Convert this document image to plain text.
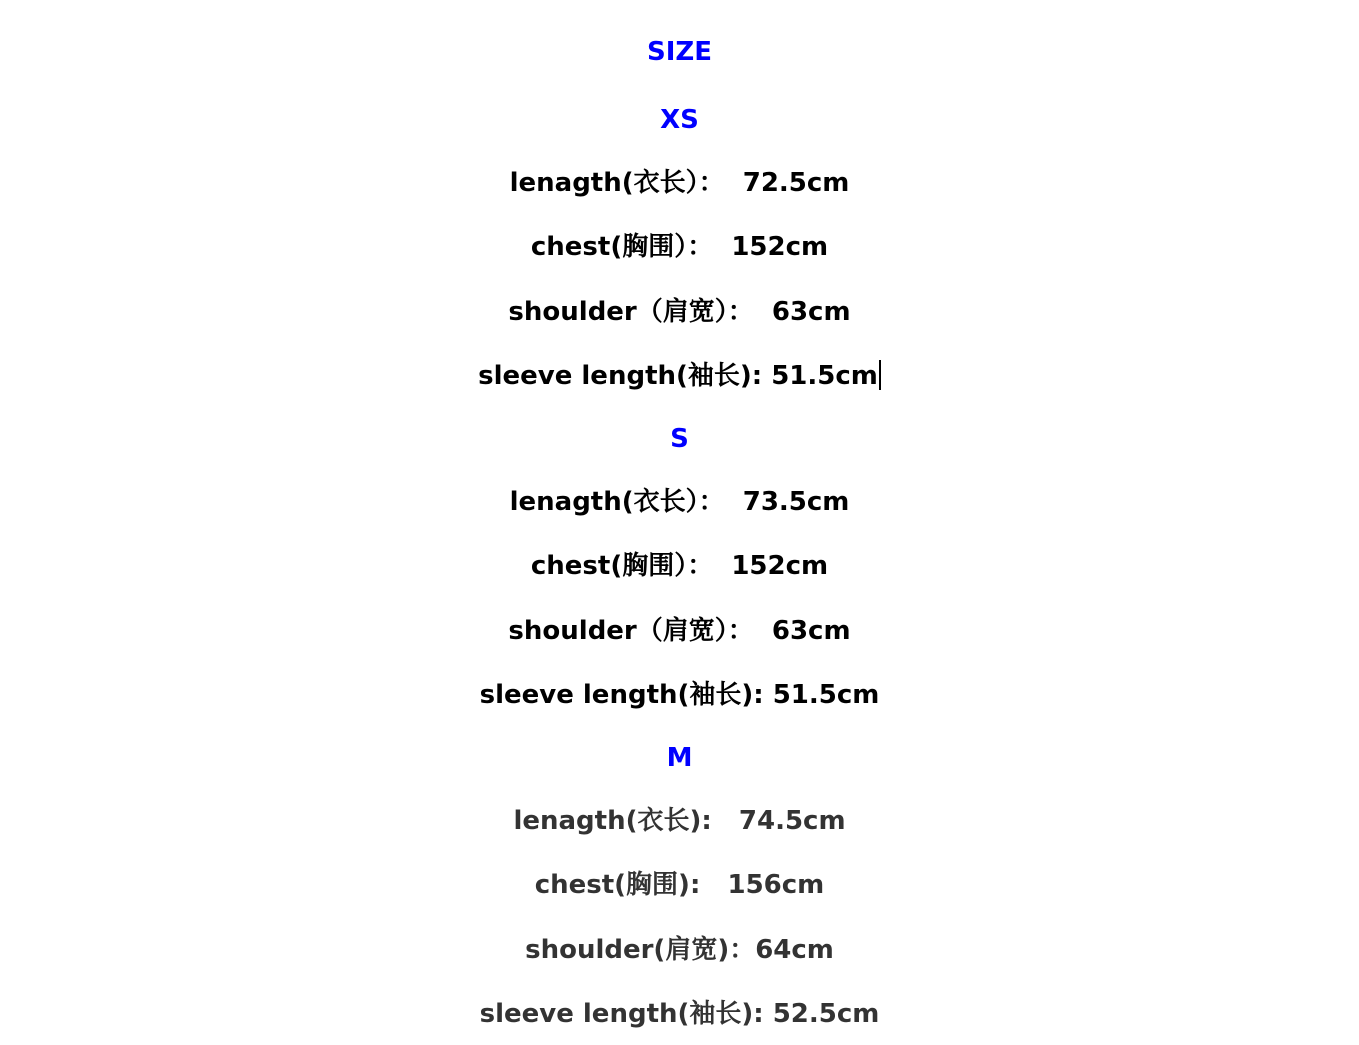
SIZE
XS
lenagth(衣长）：  72.5cm
chest(胸围）：  152cm
shoulder（肩宽）：  63cm
sleeve length(袖长): 51.5cm
S
lenagth(衣长）：  73.5cm
chest(胸围）：  152cm
shoulder（肩宽）：  63cm
sleeve length(袖长): 51.5cm
M
lenagth(衣长):   74.5cm
chest(胸围):   156cm
shoulder(肩宽)：64cm
sleeve length(袖长): 52.5cm
